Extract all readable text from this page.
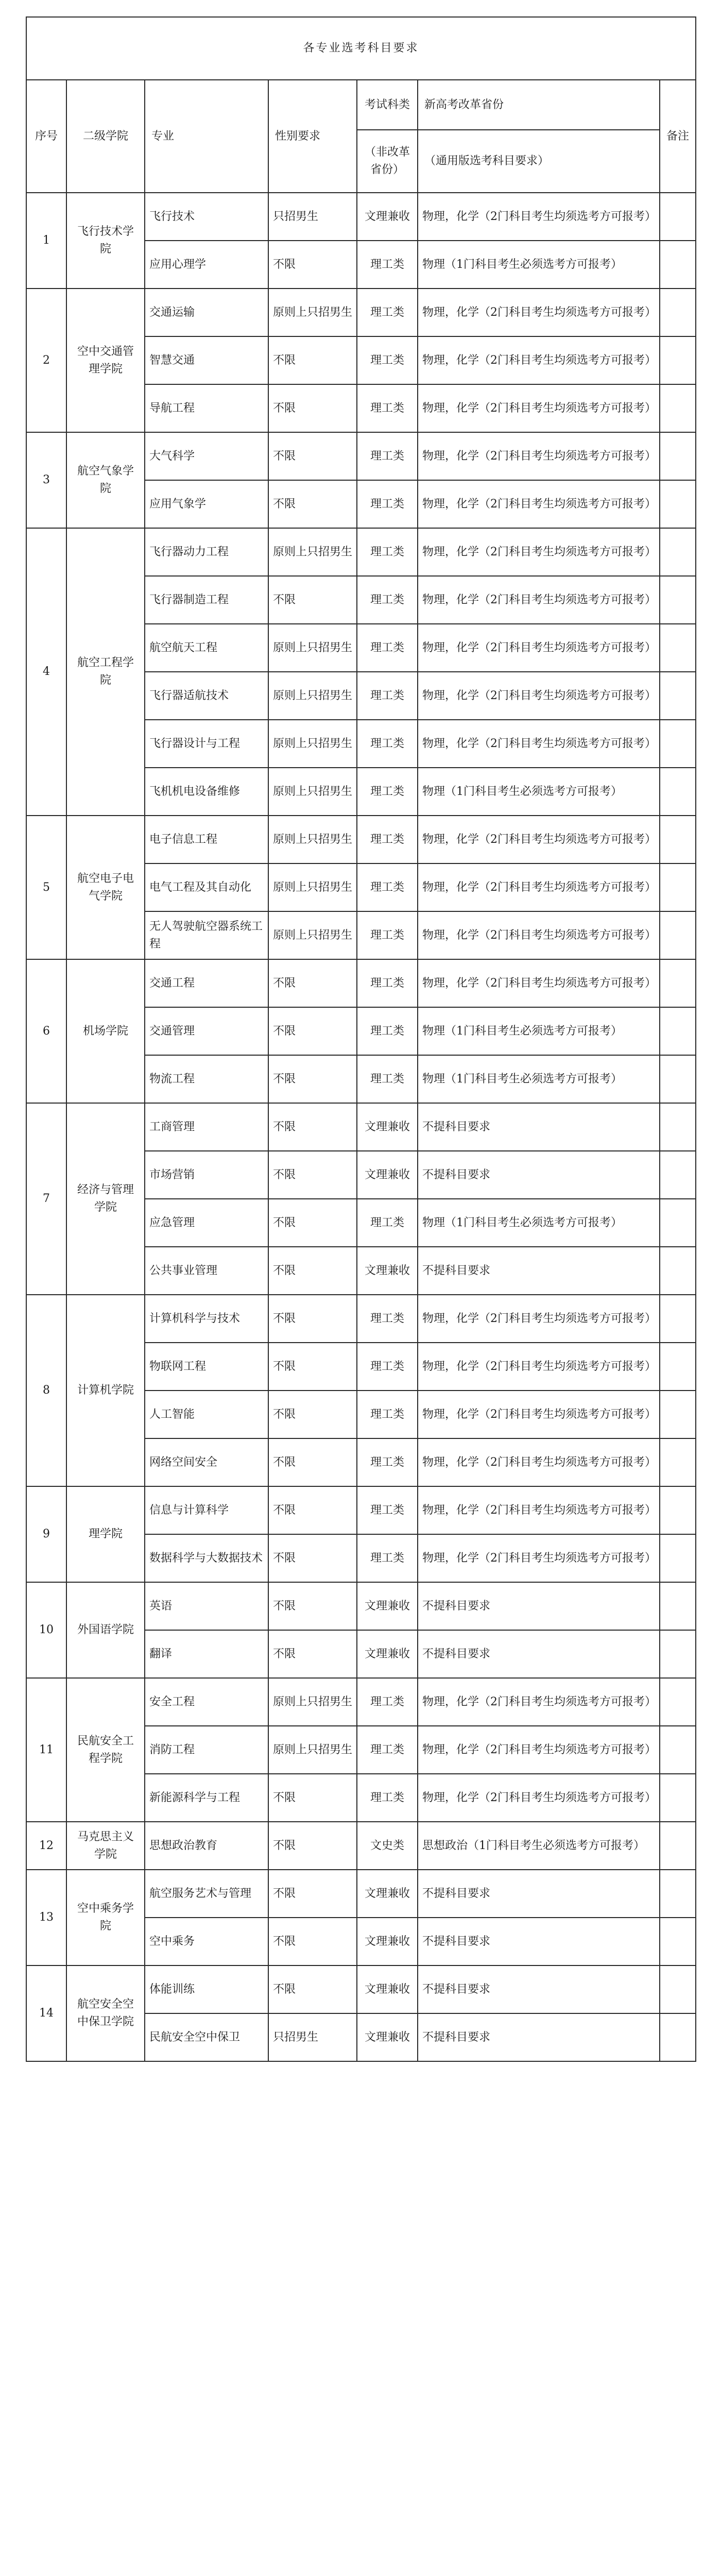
各专业选考科目要求						
序号	二级学院	专业	性别要求	考试科类	新高考改革省份	备注
				（非改革省份）	（通用版选考科目要求）	
1	飞行技术学院	飞行技术	只招男生	文理兼收	物理，化学（2门科目考生均须选考方可报考）	
		应用心理学	不限	理工类	物理（1门科目考生必须选考方可报考）	
2	空中交通管理学院	交通运输	原则上只招男生	理工类	物理，化学（2门科目考生均须选考方可报考）	
		智慧交通	不限	理工类	物理，化学（2门科目考生均须选考方可报考）	
		导航工程	不限	理工类	物理，化学（2门科目考生均须选考方可报考）	
3	航空气象学院	大气科学	不限	理工类	物理，化学（2门科目考生均须选考方可报考）	
		应用气象学	不限	理工类	物理，化学（2门科目考生均须选考方可报考）	
4	航空工程学院	飞行器动力工程	原则上只招男生	理工类	物理，化学（2门科目考生均须选考方可报考）	
		飞行器制造工程	不限	理工类	物理，化学（2门科目考生均须选考方可报考）	
		航空航天工程	原则上只招男生	理工类	物理，化学（2门科目考生均须选考方可报考）	
		飞行器适航技术	原则上只招男生	理工类	物理，化学（2门科目考生均须选考方可报考）	
		飞行器设计与工程	原则上只招男生	理工类	物理，化学（2门科目考生均须选考方可报考）	
		飞机机电设备维修	原则上只招男生	理工类	物理（1门科目考生必须选考方可报考）	
5	航空电子电气学院	电子信息工程	原则上只招男生	理工类	物理，化学（2门科目考生均须选考方可报考）	
		电气工程及其自动化	原则上只招男生	理工类	物理，化学（2门科目考生均须选考方可报考）	
		无人驾驶航空器系统工程	原则上只招男生	理工类	物理，化学（2门科目考生均须选考方可报考）	
6	机场学院	交通工程	不限	理工类	物理，化学（2门科目考生均须选考方可报考）	
		交通管理	不限	理工类	物理（1门科目考生必须选考方可报考）	
		物流工程	不限	理工类	物理（1门科目考生必须选考方可报考）	
7	经济与管理学院	工商管理	不限	文理兼收	不提科目要求	
		市场营销	不限	文理兼收	不提科目要求	
		应急管理	不限	理工类	物理（1门科目考生必须选考方可报考）	
		公共事业管理	不限	文理兼收	不提科目要求	
8	计算机学院	计算机科学与技术	不限	理工类	物理，化学（2门科目考生均须选考方可报考）	
		物联网工程	不限	理工类	物理，化学（2门科目考生均须选考方可报考）	
		人工智能	不限	理工类	物理，化学（2门科目考生均须选考方可报考）	
		网络空间安全	不限	理工类	物理，化学（2门科目考生均须选考方可报考）	
9	理学院	信息与计算科学	不限	理工类	物理，化学（2门科目考生均须选考方可报考）	
		数据科学与大数据技术	不限	理工类	物理，化学（2门科目考生均须选考方可报考）	
10	外国语学院	英语	不限	文理兼收	不提科目要求	
		翻译	不限	文理兼收	不提科目要求	
11	民航安全工程学院	安全工程	原则上只招男生	理工类	物理，化学（2门科目考生均须选考方可报考）	
		消防工程	原则上只招男生	理工类	物理，化学（2门科目考生均须选考方可报考）	
		新能源科学与工程	不限	理工类	物理，化学（2门科目考生均须选考方可报考）	
12	马克思主义学院	思想政治教育	不限	文史类	思想政治（1门科目考生必须选考方可报考）	
13	空中乘务学院	航空服务艺术与管理	不限	文理兼收	不提科目要求	
		空中乘务	不限	文理兼收	不提科目要求	
14	航空安全空中保卫学院	体能训练	不限	文理兼收	不提科目要求	
		民航安全空中保卫	只招男生	文理兼收	不提科目要求	
